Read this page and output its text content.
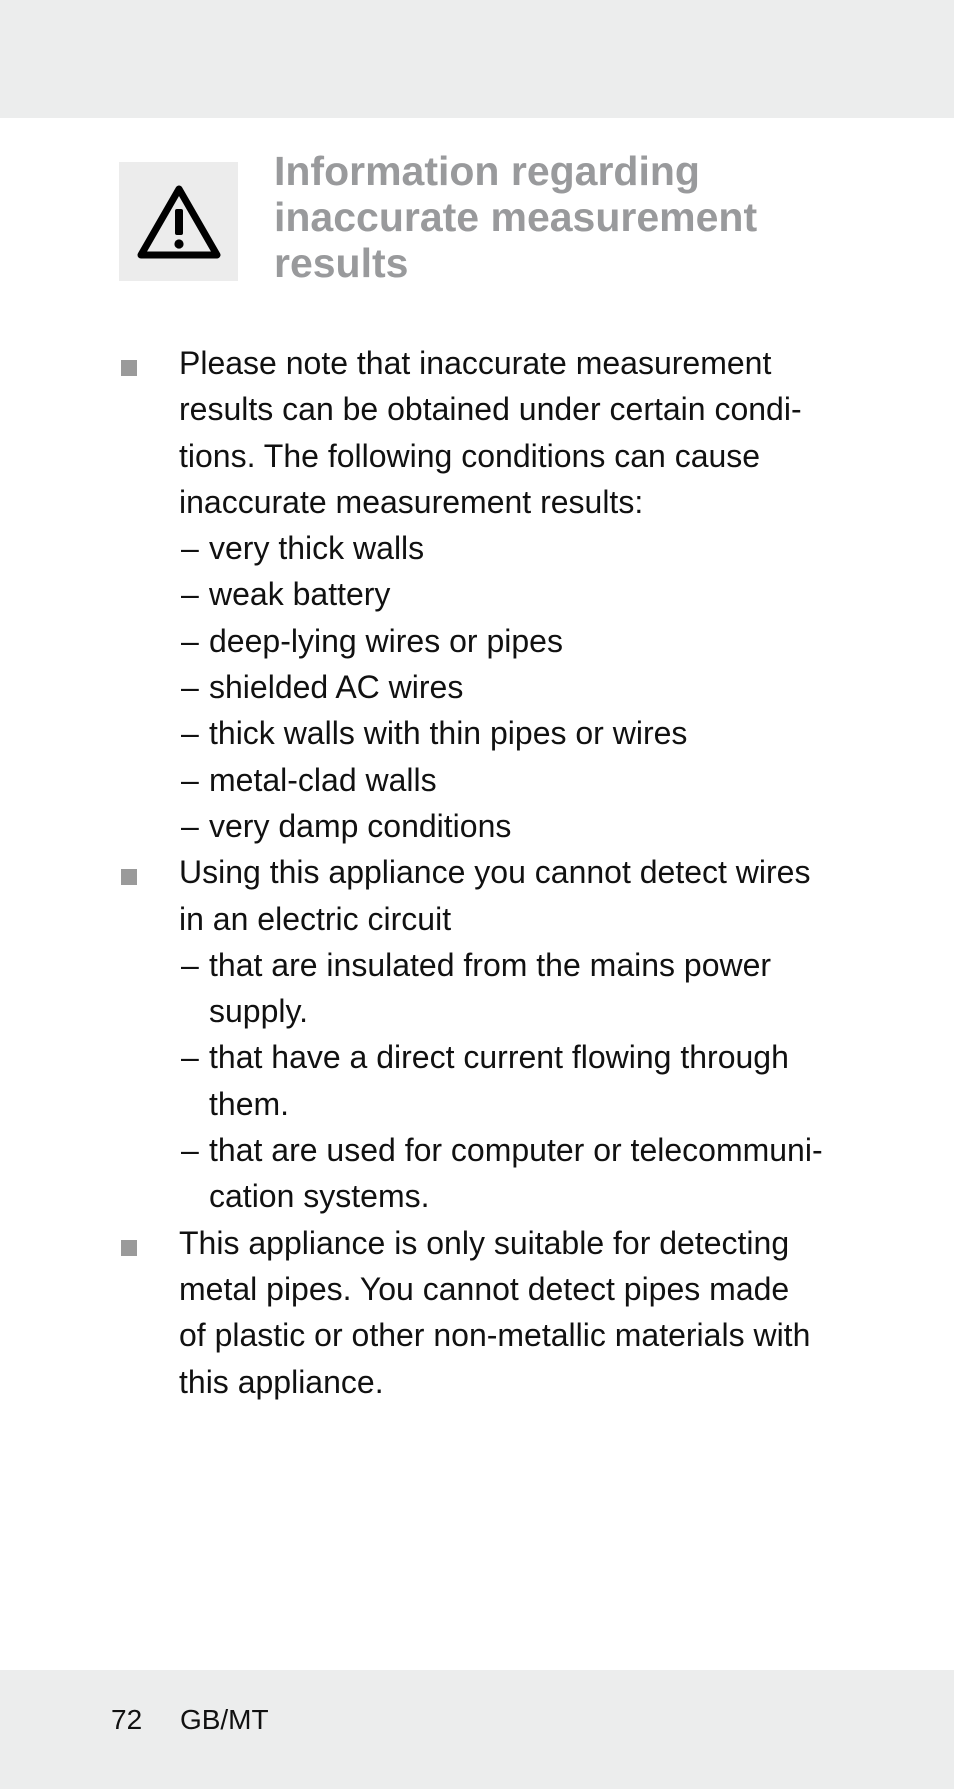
Information regarding
inaccurate measurement
results

Please note that inaccurate measurement
results can be obtained under certain condi-
tions. The following conditions can cause
inaccurate measurement results:

– very thick walls
– weak battery
– deep-lying wires or pipes
– shielded AC wires
– thick walls with thin pipes or wires
– metal-clad walls
– very damp conditions

Using this appliance you cannot detect wires
in an electric circuit

– that are insulated from the mains power
supply.
– that have a direct current flowing through
them.
– that are used for computer or telecommuni-
cation systems.

This appliance is only suitable for detecting
metal pipes. You cannot detect pipes made
of plastic or other non-metallic materials with
this appliance.

72 GB/MT
